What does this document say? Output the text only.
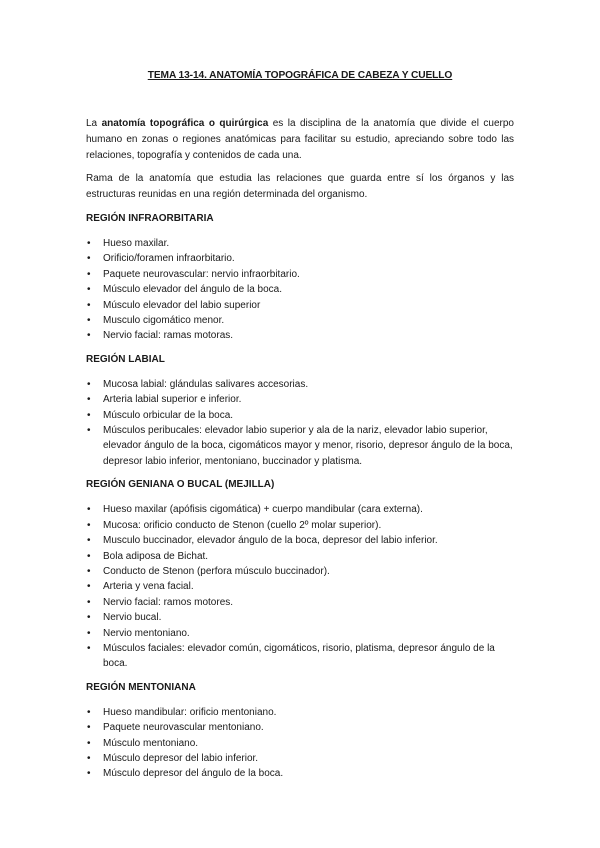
TEMA 13-14. ANATOMÍA TOPOGRÁFICA DE CABEZA Y CUELLO

La anatomía topográfica o quirúrgica es la disciplina de la anatomía que divide el cuerpo humano en zonas o regiones anatómicas para facilitar su estudio, apreciando sobre todo las relaciones, topografía y contenidos de cada una.

Rama de la anatomía que estudia las relaciones que guarda entre sí los órganos y las estructuras reunidas en una región determinada del organismo.

REGIÓN INFRAORBITARIA
• Hueso maxilar.
• Orificio/foramen infraorbitario.
• Paquete neurovascular: nervio infraorbitario.
• Músculo elevador del ángulo de la boca.
• Músculo elevador del labio superior
• Musculo cigomático menor.
• Nervio facial: ramas motoras.
REGIÓN LABIAL
• Mucosa labial: glándulas salivares accesorias.
• Arteria labial superior e inferior.
• Músculo orbicular de la boca.
• Músculos peribucales: elevador labio superior y ala de la nariz, elevador labio superior, elevador ángulo de la boca, cigomáticos mayor y menor, risorio, depresor ángulo de la boca, depresor labio inferior, mentoniano, buccinador y platisma.
REGIÓN GENIANA O BUCAL (MEJILLA)
• Hueso maxilar (apófisis cigomática) + cuerpo mandibular (cara externa).
• Mucosa: orificio conducto de Stenon (cuello 2º molar superior).
• Musculo buccinador, elevador ángulo de la boca, depresor del labio inferior.
• Bola adiposa de Bichat.
• Conducto de Stenon (perfora músculo buccinador).
• Arteria y vena facial.
• Nervio facial: ramos motores.
• Nervio bucal.
• Nervio mentoniano.
• Músculos faciales: elevador común, cigomáticos, risorio, platisma, depresor ángulo de la boca.
REGIÓN MENTONIANA
• Hueso mandibular: orificio mentoniano.
• Paquete neurovascular mentoniano.
• Músculo mentoniano.
• Músculo depresor del labio inferior.
• Músculo depresor del ángulo de la boca.
